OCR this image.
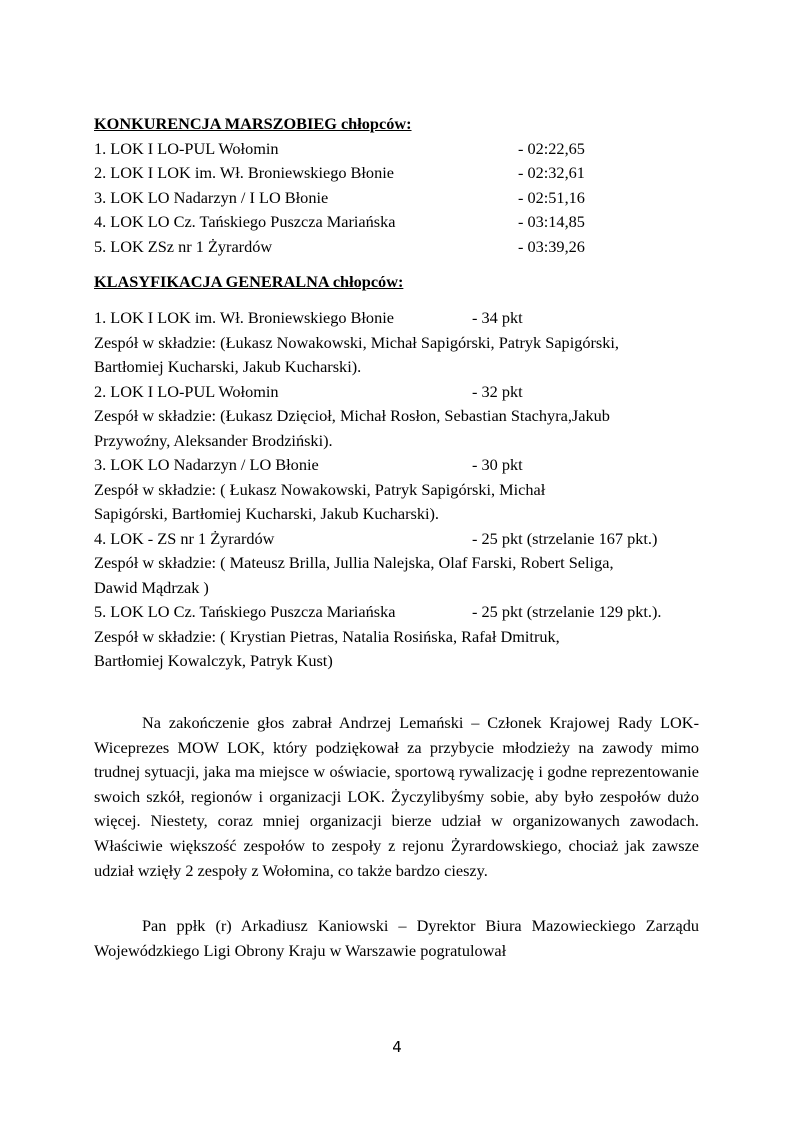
KONKURENCJA MARSZOBIEG chłopców:
1. LOK I LO-PUL Wołomin	- 02:22,65
2. LOK I LOK im. Wł. Broniewskiego Błonie	- 02:32,61
3. LOK LO Nadarzyn / I LO Błonie	- 02:51,16
4. LOK LO Cz. Tańskiego Puszcza Mariańska	- 03:14,85
5. LOK ZSz nr 1 Żyrardów	- 03:39,26
KLASYFIKACJA GENERALNA chłopców:
1. LOK I LOK im. Wł. Broniewskiego Błonie	- 34 pkt
Zespół w składzie: (Łukasz Nowakowski, Michał Sapigórski, Patryk Sapigórski,
Bartłomiej Kucharski, Jakub Kucharski).
2. LOK I LO-PUL Wołomin	- 32 pkt
Zespół w składzie: (Łukasz Dzięcioł, Michał Rosłon, Sebastian Stachyra,Jakub
Przywoźny, Aleksander Brodziński).
3. LOK LO Nadarzyn / LO Błonie	- 30 pkt
Zespół w składzie: ( Łukasz Nowakowski, Patryk Sapigórski, Michał
Sapigórski, Bartłomiej Kucharski, Jakub Kucharski).
4. LOK - ZS nr 1 Żyrardów	- 25 pkt (strzelanie 167 pkt.)
Zespół w składzie: ( Mateusz Brilla, Jullia Nalejska, Olaf Farski, Robert Seliga,
Dawid Mądrzak )
5. LOK LO Cz. Tańskiego Puszcza Mariańska	- 25 pkt (strzelanie 129 pkt.).
Zespół w składzie: ( Krystian Pietras, Natalia Rosińska, Rafał Dmitruk,
Bartłomiej Kowalczyk, Patryk Kust)
Na zakończenie głos zabrał Andrzej Lemański – Członek Krajowej Rady LOK-Wiceprezes MOW LOK, który podziękował za przybycie młodzieży na zawody mimo trudnej sytuacji, jaka ma miejsce w oświacie, sportową rywalizację i godne reprezentowanie swoich szkół, regionów i organizacji LOK. Życzylibyśmy sobie, aby było zespołów dużo więcej. Niestety, coraz mniej organizacji bierze udział w organizowanych zawodach. Właściwie większość zespołów to zespoły z rejonu Żyrardowskiego, chociaż jak zawsze udział wzięły 2 zespoły z Wołomina, co także bardzo cieszy.
Pan ppłk (r) Arkadiusz Kaniowski – Dyrektor Biura Mazowieckiego Zarządu Wojewódzkiego Ligi Obrony Kraju w Warszawie pogratulował
4
